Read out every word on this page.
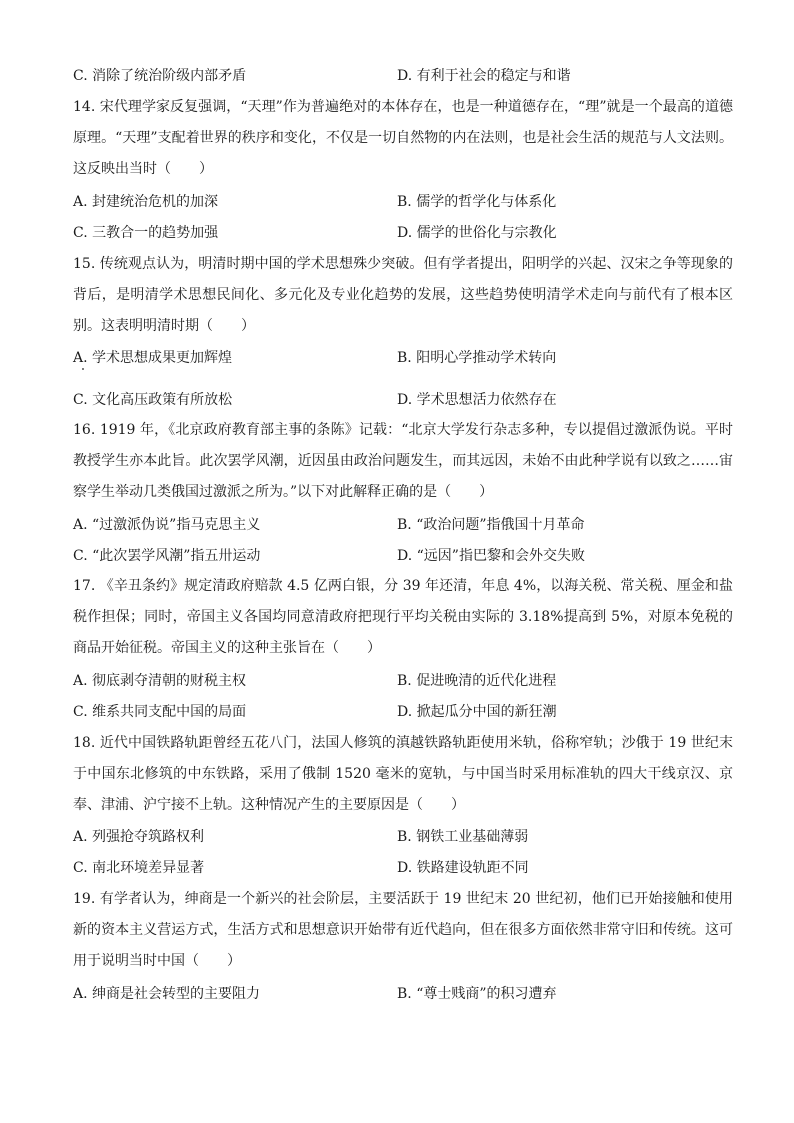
C. 消除了统治阶级内部矛盾	D. 有利于社会的稳定与和谐
14. 宋代理学家反复强调，“天理”作为普遍绝对的本体存在，也是一种道德存在，“理”就是一个最高的道德原理。“天理”支配着世界的秩序和变化，不仅是一切自然物的内在法则，也是社会生活的规范与人文法则。这反映出当时（　　）
A. 封建统治危机的加深	B. 儒学的哲学化与体系化
C. 三教合一的趋势加强	D. 儒学的世俗化与宗教化
15. 传统观点认为，明清时期中国的学术思想殊少突破。但有学者提出，阳明学的兴起、汉宋之争等现象的背后，是明清学术思想民间化、多元化及专业化趋势的发展，这些趋势使明清学术走向与前代有了根本区别。这表明明清时期（　　）
A. 学术思想成果更加辉煌	B. 阳明心学推动学术转向
C. 文化高压政策有所放松	D. 学术思想活力依然存在
16. 1919 年，《北京政府教育部主事的条陈》记载：“北京大学发行杂志多种，专以提倡过激派伪说。平时教授学生亦本此旨。此次罢学风潮，近因虽由政治问题发生，而其远因，未始不由此种学说有以致之……宙察学生举动几类俄国过激派之所为。”以下对此解释正确的是（　　）
A. “过激派伪说”指马克思主义	B. “政治问题”指俄国十月革命
C. “此次罢学风潮”指五卅运动	D. “远因”指巴黎和会外交失败
17. 《辛丑条约》规定清政府赔款 4.5 亿两白银，分 39 年还清，年息 4%，以海关税、常关税、厘金和盐税作担保；同时，帝国主义各国均同意清政府把现行平均关税由实际的 3.18%提高到 5%，对原本免税的商品开始征税。帝国主义的这种主张旨在（　　）
A. 彻底剥夺清朝的财税主权	B. 促进晚清的近代化进程
C. 维系共同支配中国的局面	D. 掀起瓜分中国的新狂潮
18. 近代中国铁路轨距曾经五花八门，法国人修筑的滇越铁路轨距使用米轨，俗称窄轨；沙俄于 19 世纪末于中国东北修筑的中东铁路，采用了俄制 1520 毫米的宽轨，与中国当时采用标准轨的四大干线京汉、京奉、津浦、沪宁接不上轨。这种情况产生的主要原因是（　　）
A. 列强抢夺筑路权利	B. 钢铁工业基础薄弱
C. 南北环境差异显著	D. 铁路建设轨距不同
19. 有学者认为，绅商是一个新兴的社会阶层，主要活跃于 19 世纪末 20 世纪初，他们已开始接触和使用新的资本主义营运方式，生活方式和思想意识开始带有近代趋向，但在很多方面依然非常守旧和传统。这可用于说明当时中国（　　）
A. 绅商是社会转型的主要阻力	B. “尊士贱商”的积习遭弃
